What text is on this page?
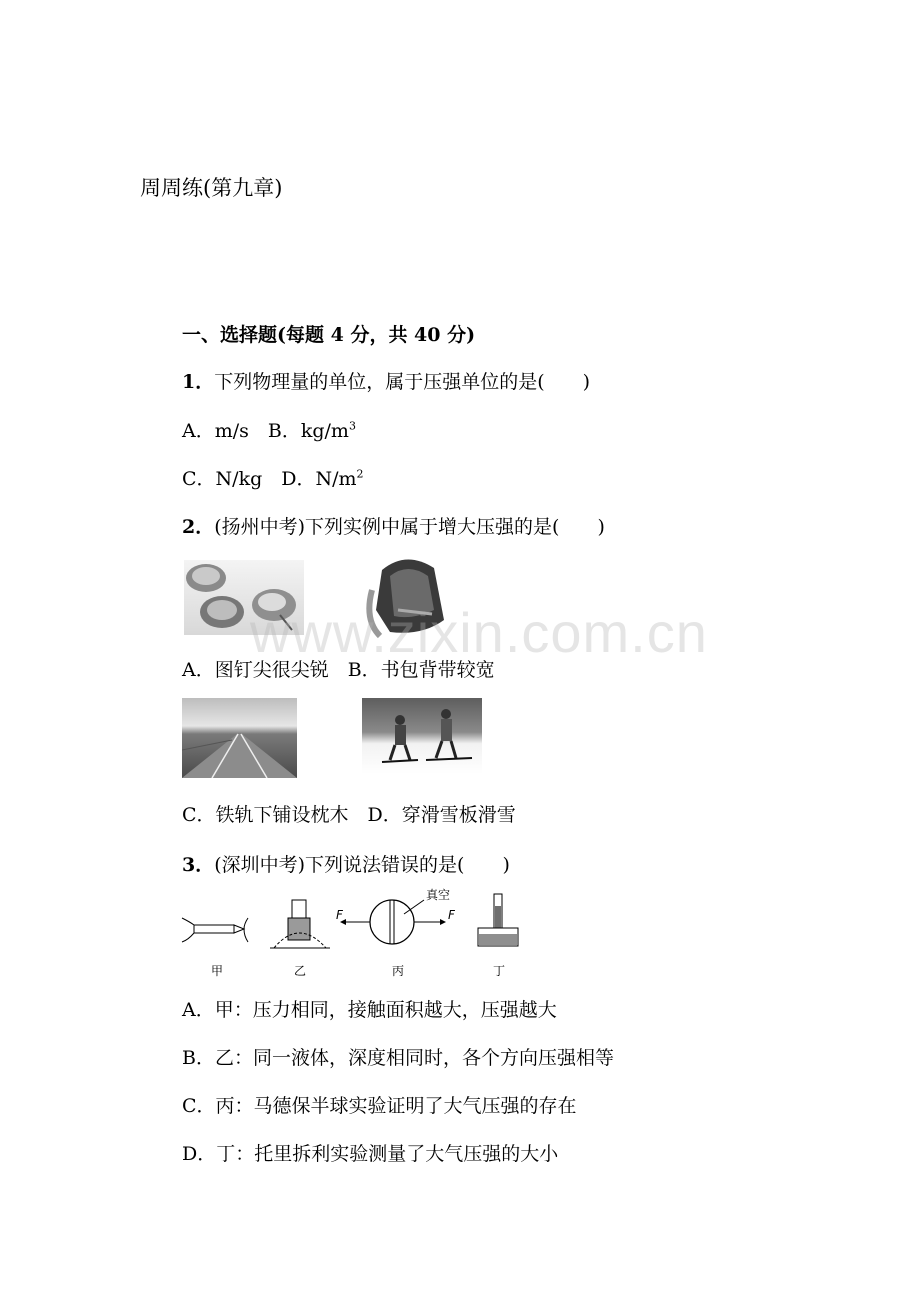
周周练(第九章)
一、选择题(每题 4 分，共 40 分)
1．下列物理量的单位，属于压强单位的是(　　)
A．m/s　B．$kg/m^3$
C．N/kg　D．$N/m^2$
2．(扬州中考)下列实例中属于增大压强的是(　　)
www.zixin.com.cn
A．图钉尖很尖锐　B．书包背带较宽
C．铁轨下铺设枕木　D．穿滑雪板滑雪
3．(深圳中考)下列说法错误的是(　　)
甲	乙
F	F
真空
丙	丁
A．甲：压力相同，接触面积越大，压强越大
B．乙：同一液体，深度相同时，各个方向压强相等
C．丙：马德保半球实验证明了大气压强的存在
D．丁：托里拆利实验测量了大气压强的大小
